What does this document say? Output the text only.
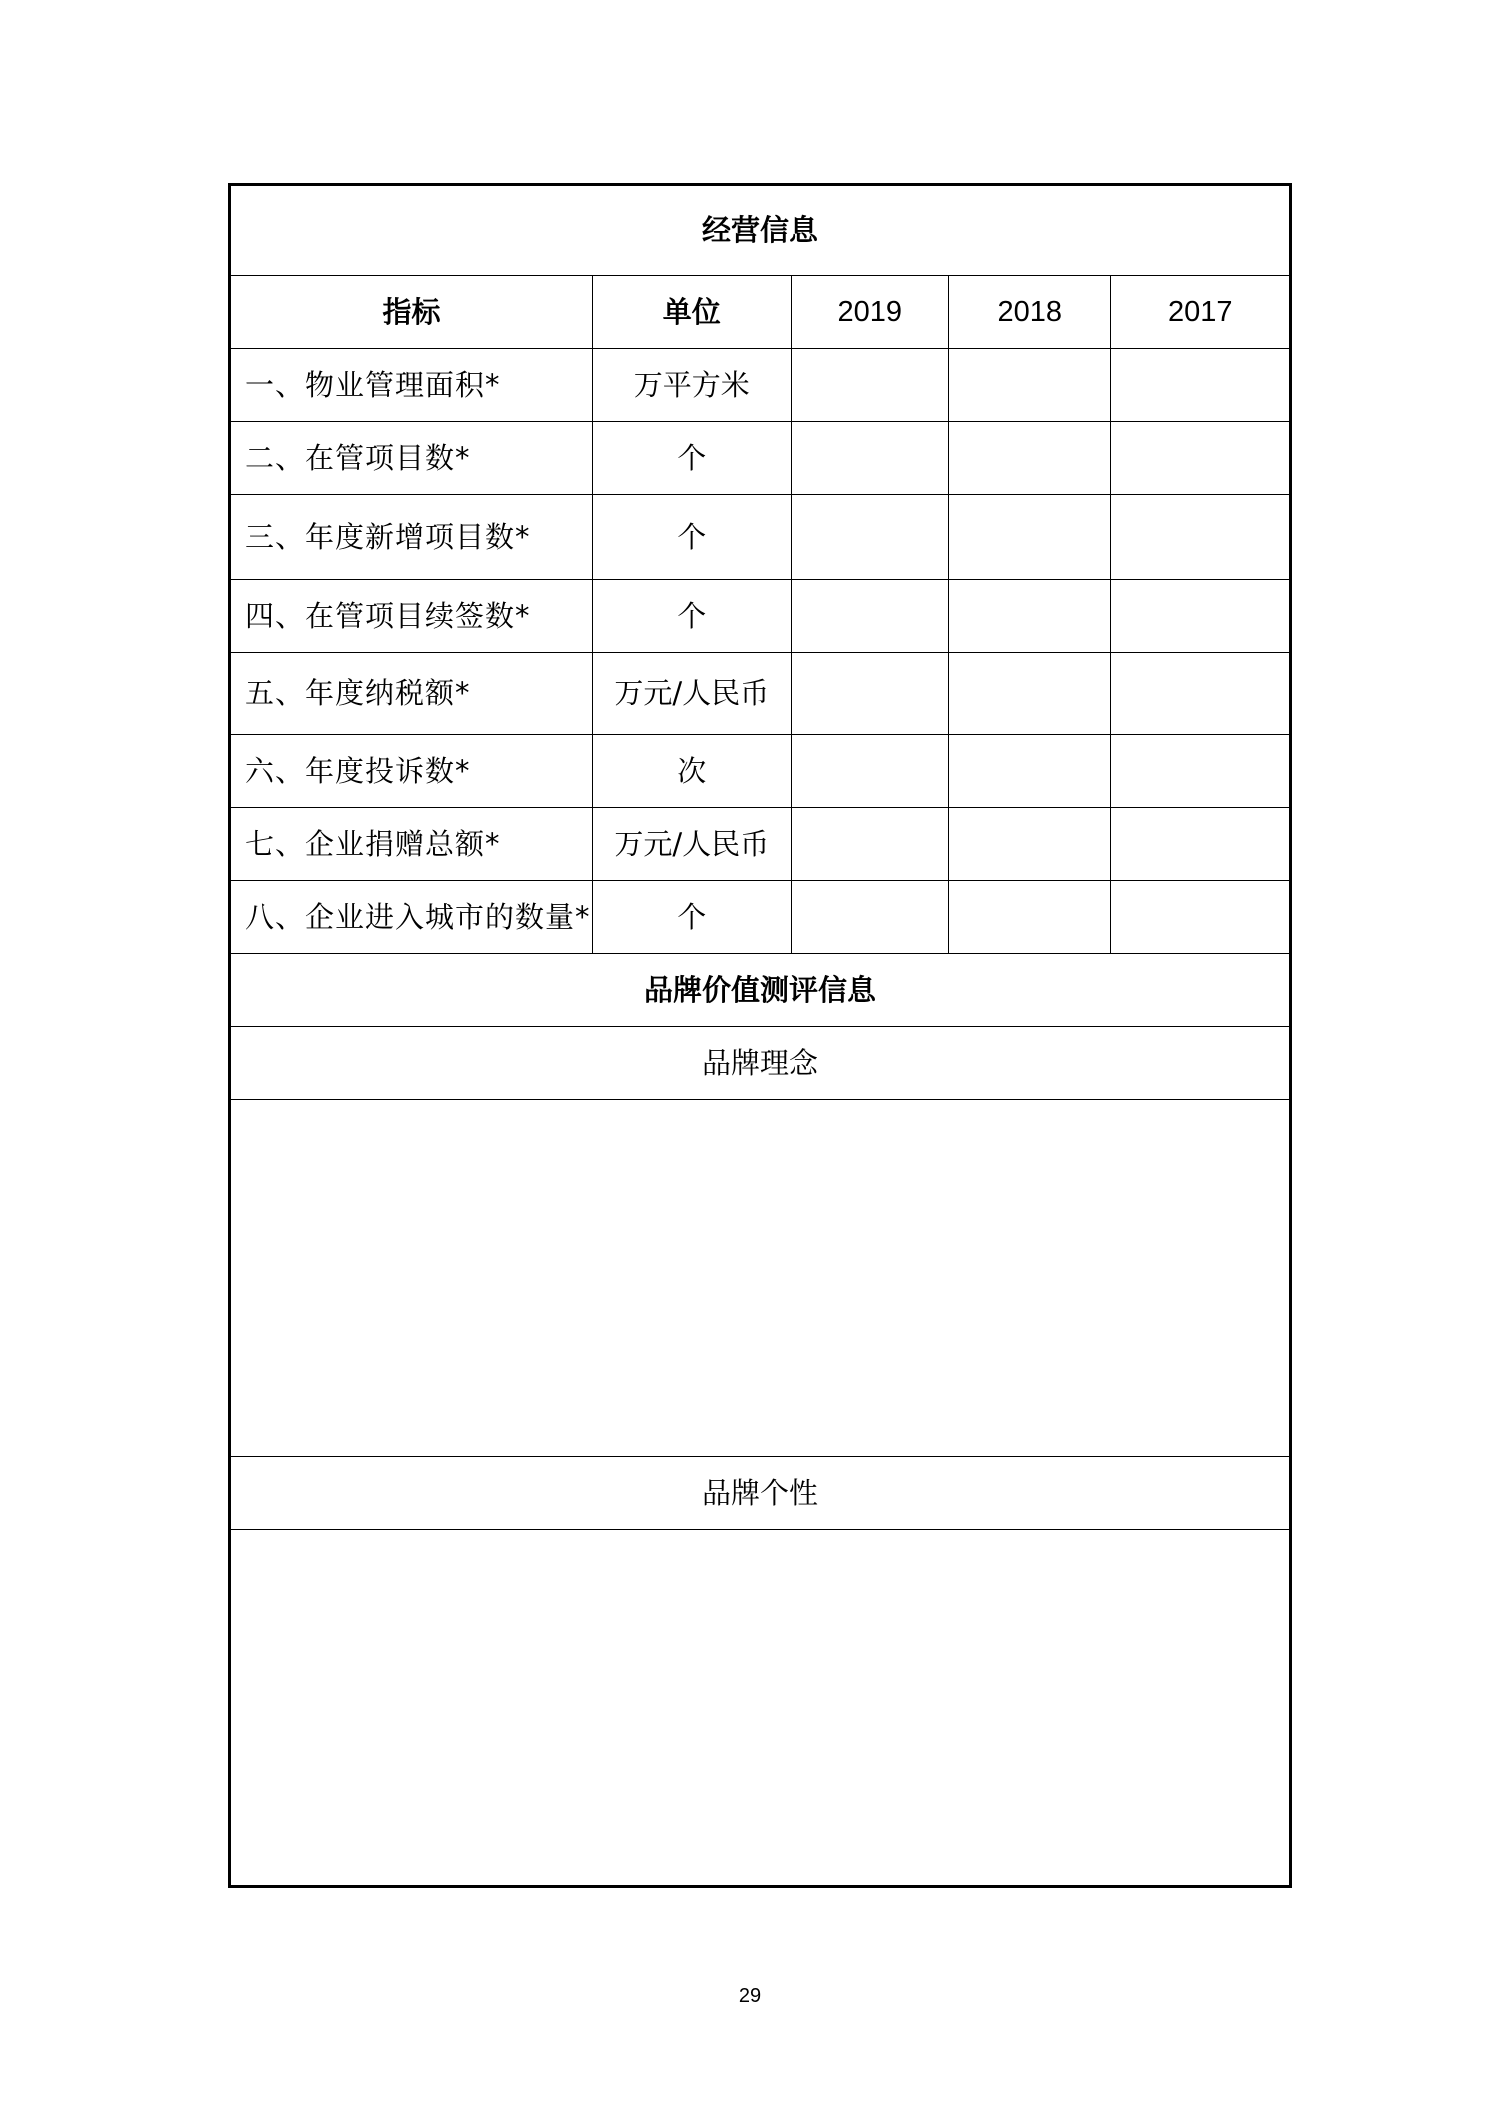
经营信息				
指标	单位	2019	2018	2017
一、物业管理面积*	万平方米			
二、在管项目数*	个			
三、年度新增项目数*	个			
四、在管项目续签数*	个			
五、年度纳税额*	万元/人民币			
六、年度投诉数*	次			
七、企业捐赠总额*	万元/人民币			
八、企业进入城市的数量*	个			
品牌价值测评信息				
品牌理念				

品牌个性				

29
